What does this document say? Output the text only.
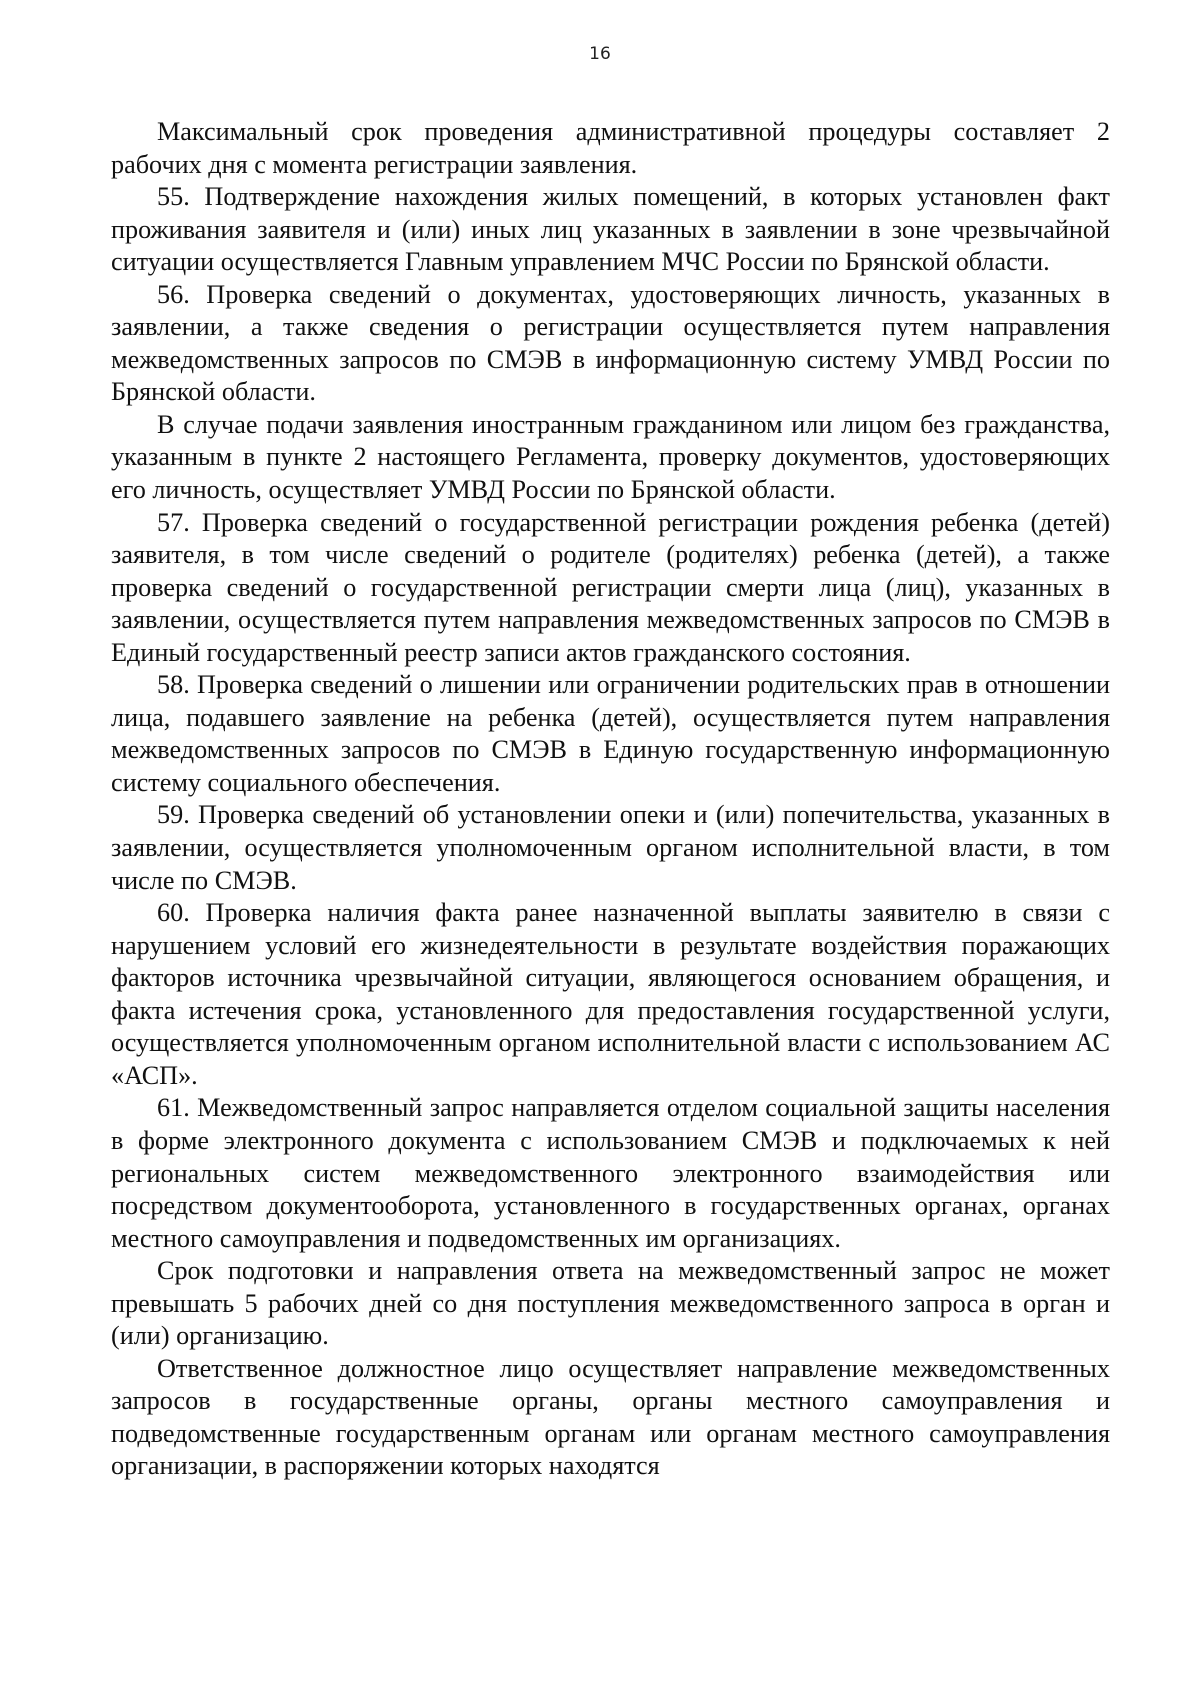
16

Максимальный срок проведения административной процедуры составляет 2 рабочих дня с момента регистрации заявления.

55. Подтверждение нахождения жилых помещений, в которых установлен факт проживания заявителя и (или) иных лиц указанных в заявлении в зоне чрезвычайной ситуации осуществляется Главным управлением МЧС России по Брянской области.

56. Проверка сведений о документах, удостоверяющих личность, указанных в заявлении, а также сведения о регистрации осуществляется путем направления межведомственных запросов по СМЭВ в информационную систему УМВД России по Брянской области.

В случае подачи заявления иностранным гражданином или лицом без гражданства, указанным в пункте 2 настоящего Регламента, проверку документов, удостоверяющих его личность, осуществляет УМВД России по Брянской области.

57. Проверка сведений о государственной регистрации рождения ребенка (детей) заявителя, в том числе сведений о родителе (родителях) ребенка (детей), а также проверка сведений о государственной регистрации смерти лица (лиц), указанных в заявлении, осуществляется путем направления межведомственных запросов по СМЭВ в Единый государственный реестр записи актов гражданского состояния.

58. Проверка сведений о лишении или ограничении родительских прав в отношении лица, подавшего заявление на ребенка (детей), осуществляется путем направления межведомственных запросов по СМЭВ в Единую государственную информационную систему социального обеспечения.

59. Проверка сведений об установлении опеки и (или) попечительства, указанных в заявлении, осуществляется уполномоченным органом исполнительной власти, в том числе по СМЭВ.

60. Проверка наличия факта ранее назначенной выплаты заявителю в связи с нарушением условий его жизнедеятельности в результате воздействия поражающих факторов источника чрезвычайной ситуации, являющегося основанием обращения, и факта истечения срока, установленного для предоставления государственной услуги, осуществляется уполномоченным органом исполнительной власти с использованием АС «АСП».

61. Межведомственный запрос направляется отделом социальной защиты населения в форме электронного документа с использованием СМЭВ и подключаемых к ней региональных систем межведомственного электронного взаимодействия или посредством документооборота, установленного в государственных органах, органах местного самоуправления и подведомственных им организациях.

Срок подготовки и направления ответа на межведомственный запрос не может превышать 5 рабочих дней со дня поступления межведомственного запроса в орган и (или) организацию.

Ответственное должностное лицо осуществляет направление межведомственных запросов в государственные органы, органы местного самоуправления и подведомственные государственным органам или органам местного самоуправления организации, в распоряжении которых находятся
